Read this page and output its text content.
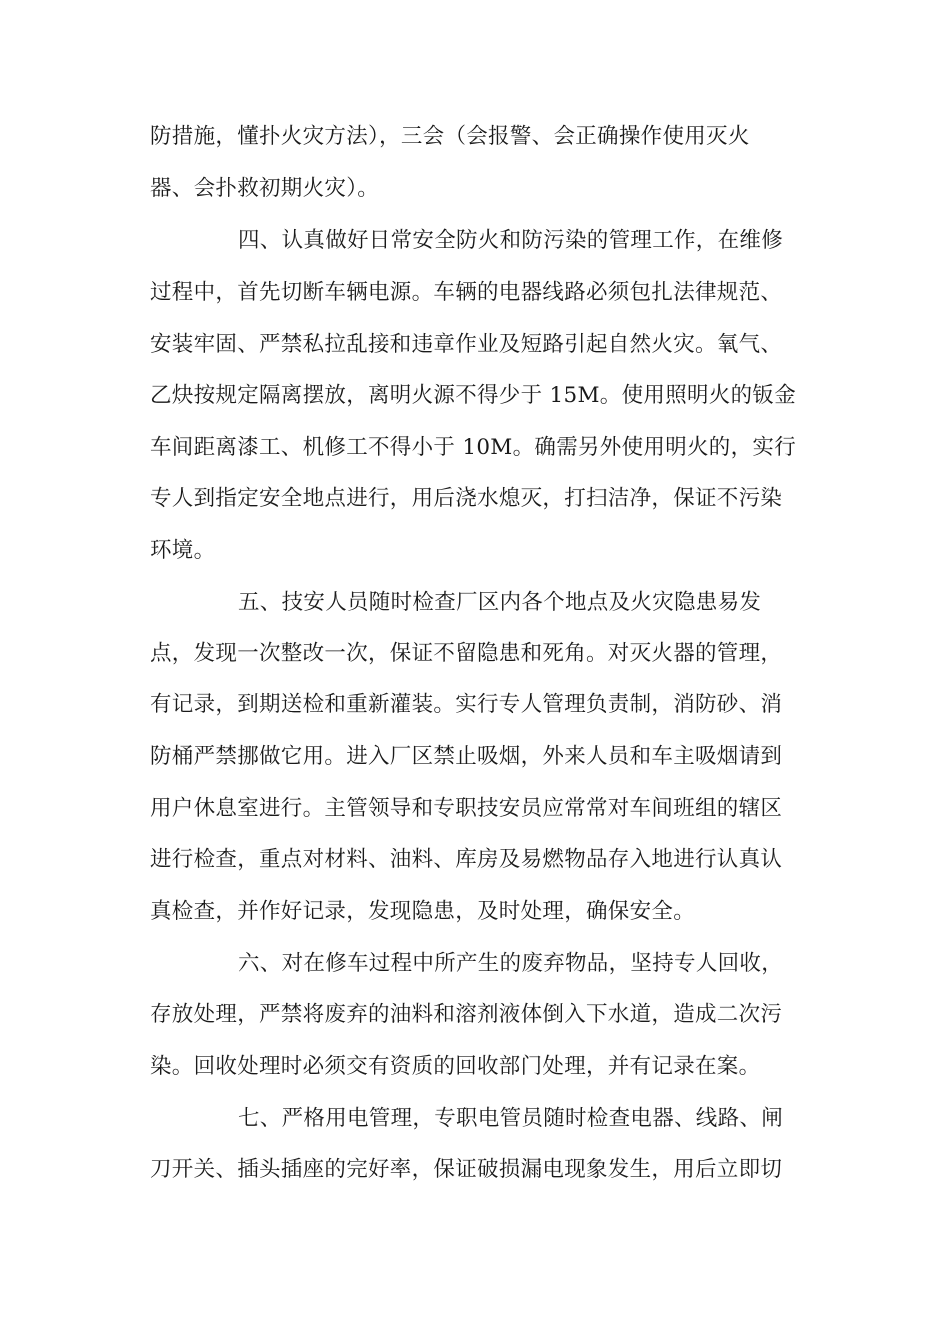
防措施，懂扑火灾方法），三会（会报警、会正确操作使用灭火
器、会扑救初期火灾）。
四、认真做好日常安全防火和防污染的管理工作，在维修
过程中，首先切断车辆电源。车辆的电器线路必须包扎法律规范、
安装牢固、严禁私拉乱接和违章作业及短路引起自然火灾。氧气、
乙炔按规定隔离摆放，离明火源不得少于 15M。使用照明火的钣金
车间距离漆工、机修工不得小于 10M。确需另外使用明火的，实行
专人到指定安全地点进行，用后浇水熄灭，打扫洁净，保证不污染
环境。
五、技安人员随时检查厂区内各个地点及火灾隐患易发
点，发现一次整改一次，保证不留隐患和死角。对灭火器的管理，
有记录，到期送检和重新灌装。实行专人管理负责制，消防砂、消
防桶严禁挪做它用。进入厂区禁止吸烟，外来人员和车主吸烟请到
用户休息室进行。主管领导和专职技安员应常常对车间班组的辖区
进行检查，重点对材料、油料、库房及易燃物品存入地进行认真认
真检查，并作好记录，发现隐患，及时处理，确保安全。
六、对在修车过程中所产生的废弃物品，坚持专人回收，
存放处理，严禁将废弃的油料和溶剂液体倒入下水道，造成二次污
染。回收处理时必须交有资质的回收部门处理，并有记录在案。
七、严格用电管理，专职电管员随时检查电器、线路、闸
刀开关、插头插座的完好率，保证破损漏电现象发生，用后立即切
